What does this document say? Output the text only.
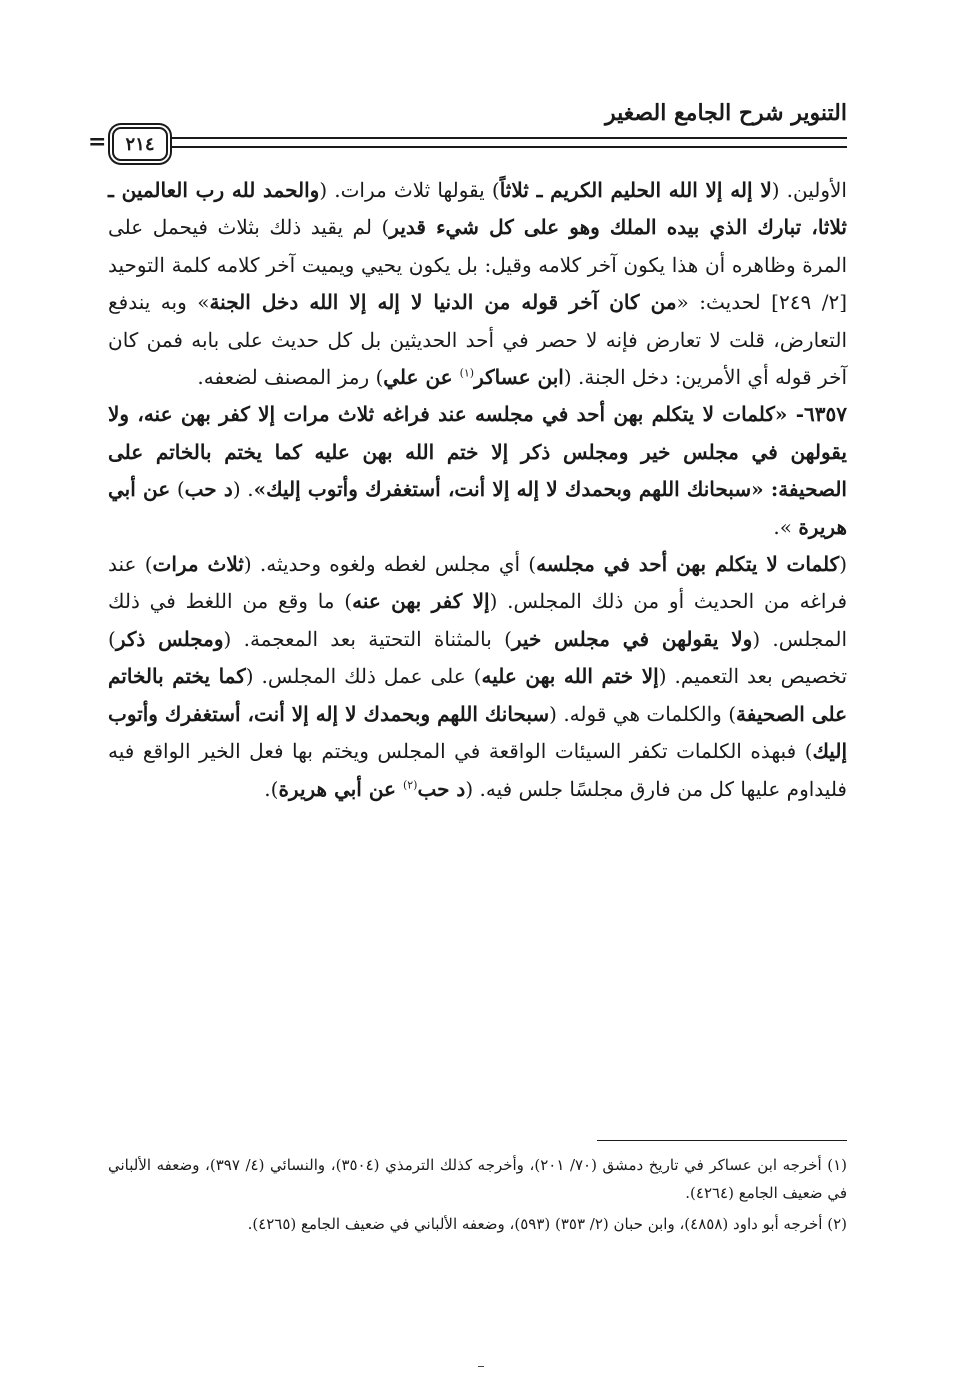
التنوير شرح الجامع الصغير
٢١٤
=

الأولين. (لا إله إلا الله الحليم الكريم ـ ثلاثاً) يقولها ثلاث مرات. (والحمد لله رب العالمين ـ ثلاثا، تبارك الذي بيده الملك وهو على كل شيء قدير) لم يقيد ذلك بثلاث فيحمل على المرة وظاهره أن هذا يكون آخر كلامه وقيل: بل يكون يحيي ويميت آخر كلامه كلمة التوحيد [٢/ ٢٤٩] لحديث: «من كان آخر قوله من الدنيا لا إله إلا الله دخل الجنة» وبه يندفع التعارض، قلت لا تعارض فإنه لا حصر في أحد الحديثين بل كل حديث على بابه فمن كان آخر قوله أي الأمرين: دخل الجنة. (ابن عساكر$^{(١)}$ عن علي) رمز المصنف لضعفه.

٦٣٥٧- «كلمات لا يتكلم بهن أحد في مجلسه عند فراغه ثلاث مرات إلا كفر بهن عنه، ولا يقولهن في مجلس خير ومجلس ذكر إلا ختم الله بهن عليه كما يختم بالخاتم على الصحيفة: «سبحانك اللهم وبحمدك لا إله إلا أنت، أستغفرك وأتوب إليك». (د حب) عن أبي هريرة ».

(كلمات لا يتكلم بهن أحد في مجلسه) أي مجلس لغطه ولغوه وحديثه. (ثلاث مرات) عند فراغه من الحديث أو من ذلك المجلس. (إلا كفر بهن عنه) ما وقع من اللغط في ذلك المجلس. (ولا يقولهن في مجلس خير) بالمثناة التحتية بعد المعجمة. (ومجلس ذكر) تخصيص بعد التعميم. (إلا ختم الله بهن عليه) على عمل ذلك المجلس. (كما يختم بالخاتم على الصحيفة) والكلمات هي قوله. (سبحانك اللهم وبحمدك لا إله إلا أنت، أستغفرك وأتوب إليك) فبهذه الكلمات تكفر السيئات الواقعة في المجلس ويختم بها فعل الخير الواقع فيه فليداوم عليها كل من فارق مجلسًا جلس فيه. (د حب$^{(٢)}$ عن أبي هريرة).

(١) أخرجه ابن عساكر في تاريخ دمشق (٧٠/ ٢٠١)، وأخرجه كذلك الترمذي (٣٥٠٤)، والنسائي (٤/ ٣٩٧)، وضعفه الألباني في ضعيف الجامع (٤٢٦٤).

(٢) أخرجه أبو داود (٤٨٥٨)، وابن حبان (٢/ ٣٥٣) (٥٩٣)، وضعفه الألباني في ضعيف الجامع (٤٢٦٥).
